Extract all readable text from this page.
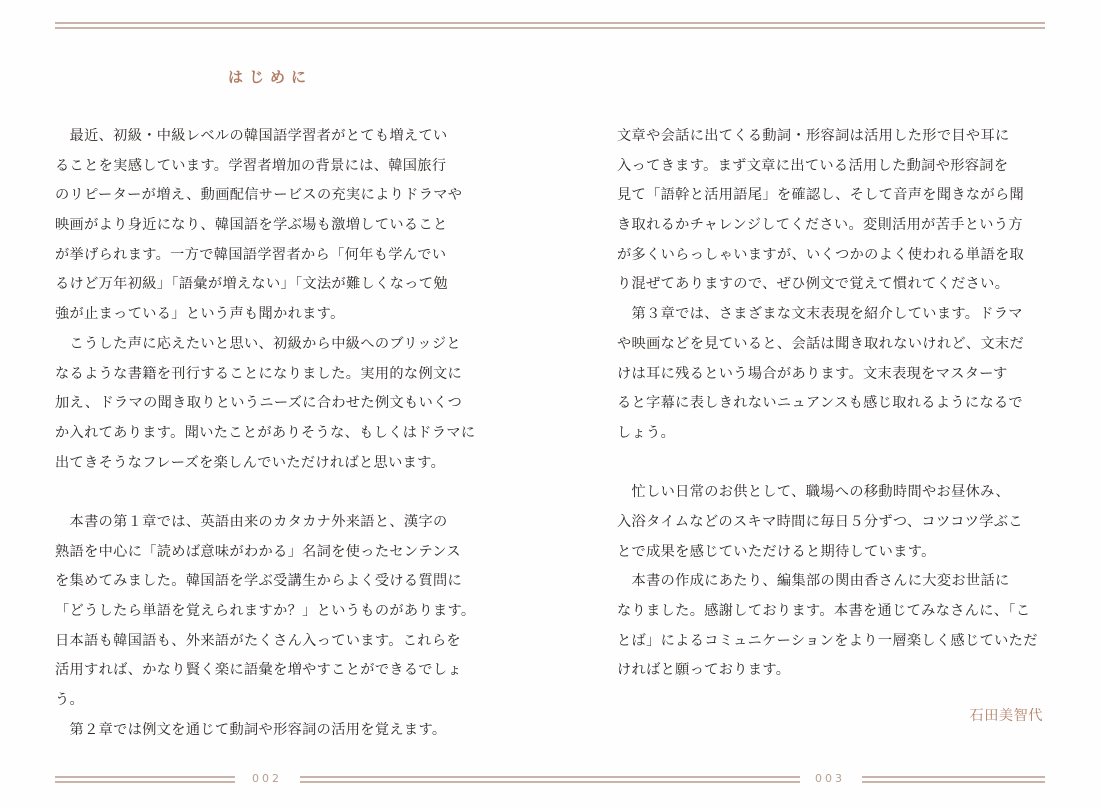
はじめに
　最近、初級・中級レベルの韓国語学習者がとても増えてい
ることを実感しています。学習者増加の背景には、韓国旅行
のリピーターが増え、動画配信サービスの充実によりドラマや
映画がより身近になり、韓国語を学ぶ場も激増していること
が挙げられます。一方で韓国語学習者から「何年も学んでい
るけど万年初級」「語彙が増えない」「文法が難しくなって勉
強が止まっている」という声も聞かれます。
　こうした声に応えたいと思い、初級から中級へのブリッジと
なるような書籍を刊行することになりました。実用的な例文に
加え、ドラマの聞き取りというニーズに合わせた例文もいくつ
か入れてあります。聞いたことがありそうな、もしくはドラマに
出てきそうなフレーズを楽しんでいただければと思います。
　本書の第１章では、英語由来のカタカナ外来語と、漢字の
熟語を中心に「読めば意味がわかる」名詞を使ったセンテンス
を集めてみました。韓国語を学ぶ受講生からよく受ける質問に
「どうしたら単語を覚えられますか？」というものがあります。
日本語も韓国語も、外来語がたくさん入っています。これらを
活用すれば、かなり賢く楽に語彙を増やすことができるでしょ
う。
　第２章では例文を通じて動詞や形容詞の活用を覚えます。
文章や会話に出てくる動詞・形容詞は活用した形で目や耳に
入ってきます。まず文章に出ている活用した動詞や形容詞を
見て「語幹と活用語尾」を確認し、そして音声を聞きながら聞
き取れるかチャレンジしてください。変則活用が苦手という方
が多くいらっしゃいますが、いくつかのよく使われる単語を取
り混ぜてありますので、ぜひ例文で覚えて慣れてください。
　第３章では、さまざまな文末表現を紹介しています。ドラマ
や映画などを見ていると、会話は聞き取れないけれど、文末だ
けは耳に残るという場合があります。文末表現をマスターす
ると字幕に表しきれないニュアンスも感じ取れるようになるで
しょう。
　忙しい日常のお供として、職場への移動時間やお昼休み、
入浴タイムなどのスキマ時間に毎日５分ずつ、コツコツ学ぶこ
とで成果を感じていただけると期待しています。
　本書の作成にあたり、編集部の関由香さんに大変お世話に
なりました。感謝しております。本書を通じてみなさんに、「こ
とば」によるコミュニケーションをより一層楽しく感じていただ
ければと願っております。
石田美智代
002	003
